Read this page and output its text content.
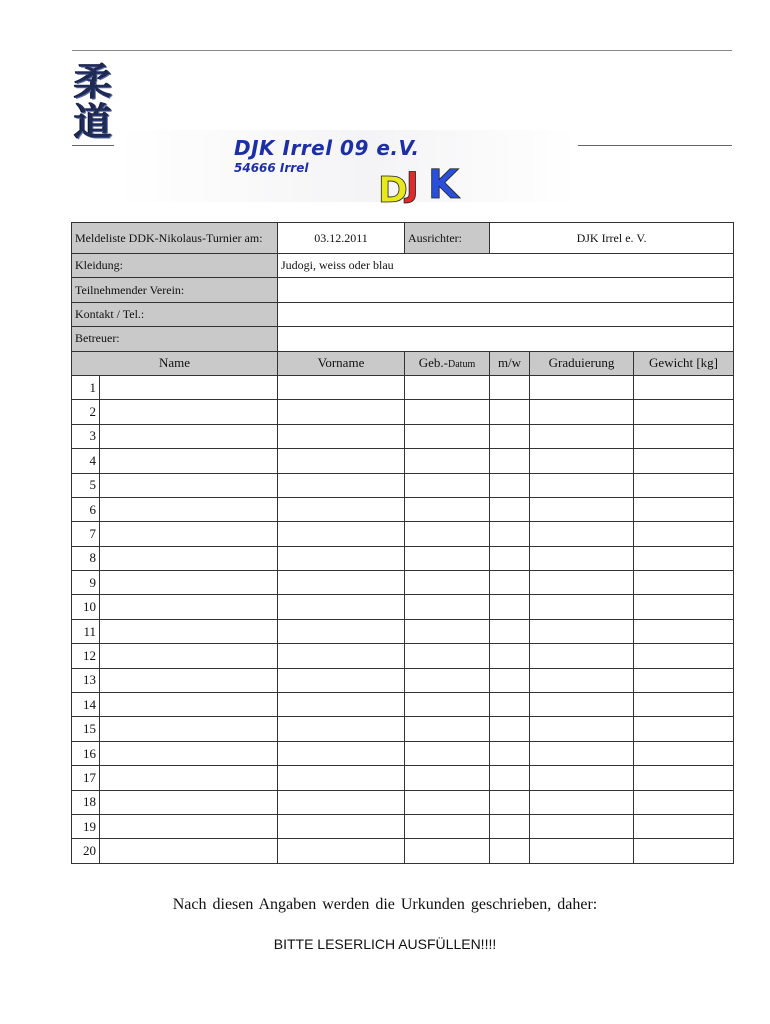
柔
道
DJK Irrel 09 e.V.
54666 Irrel
D
J K
Meldeliste DDK-Nikolaus-Turnier am:		03.12.2011	Ausrichter:	DJK Irrel e. V.		
Kleidung:		Judogi, weiss oder blau				
Teilnehmender Verein:						
Kontakt / Tel.:						
Betreuer:						
Name		Vorname	Geb.-Datum	m/w	Graduierung	Gewicht [kg]
1						
2						
3						
4						
5						
6						
7						
8						
9						
10						
11						
12						
13						
14						
15						
16						
17						
18						
19						
20						
Nach diesen Angaben werden die Urkunden geschrieben, daher:
BITTE LESERLICH AUSFÜLLEN!!!!
